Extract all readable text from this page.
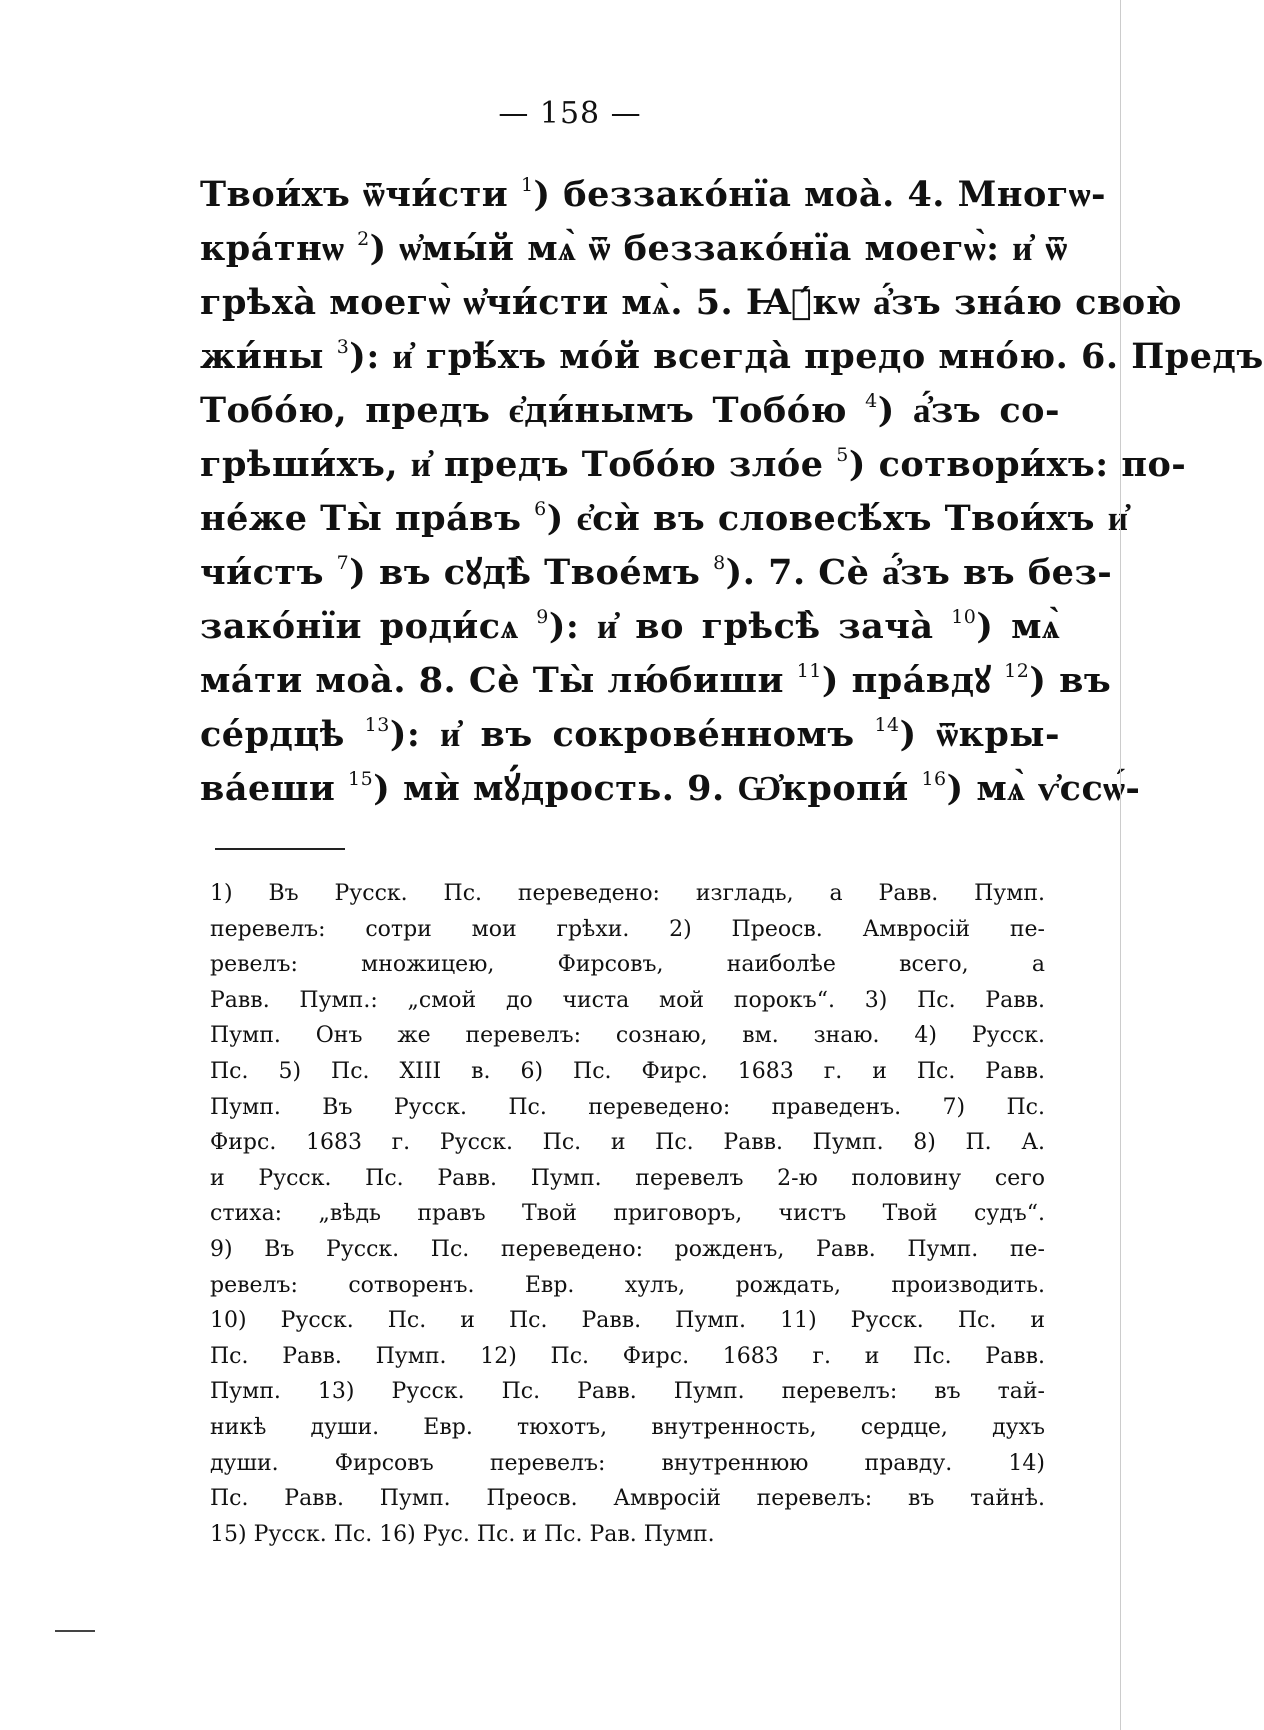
— 158 —
Твои́хъ ѿчи́сти $^1$) беззако́нїа моа̀. 4. Многѡ-
кра́тнѡ $^2$) ѡ҆мы́й мѧ̀ ѿ беззако́нїа моегѡ̀: и҆ ѿ
грѣха̀ моегѡ̀ ѡ҆чи́сти мѧ̀. 5. Ꙗ҆́кѡ а҆́зъ зна́ю свою̀
жи́ны $^3$): и҆ грѣ́хъ мо́й всегда̀ предо мно́ю. 6. Предъ
Тобо́ю, предъ є҆ди́нымъ Тобо́ю $^4$) а҆́зъ со-
грѣши́хъ, и҆ предъ Тобо́ю зло́е $^5$) сотвори́хъ: по-
не́же Ты̀ пра́въ $^6$) є҆сѝ въ словесѣ́хъ Твои́хъ и҆
чи́стъ $^7$) въ сꙋдѣ̀ Твое́мъ $^8$). 7. Сѐ а҆́зъ въ без-
зако́нїи роди́сѧ $^9$): и҆ во грѣсѣ̀ зача̀ $^{10}$) мѧ̀
ма́ти моа̀. 8. Сѐ Ты̀ лю́биши $^{11}$) пра́вдꙋ $^{12}$) въ
се́рдцѣ $^{13}$): и҆ въ сокрове́нномъ $^{14}$) ѿкры-
ва́еши $^{15}$) мѝ мꙋ́дрость. 9. Ѡ҆кропи́ $^{16}$) мѧ̀ ѵ҆ссѡ́-
1) Въ Русск. Пс. переведено: изгладь, а Равв. Пумп.
перевелъ: сотри мои грѣхи. 2) Преосв. Амвросій пе-
ревелъ: множицею, Фирсовъ, наиболѣе всего, а
Равв. Пумп.: „смой до чиста мой порокъ“. 3) Пс. Равв.
Пумп. Онъ же перевелъ: сознаю, вм. знаю. 4) Русск.
Пс. 5) Пс. XIII в. 6) Пс. Фирс. 1683 г. и Пс. Равв.
Пумп. Въ Русск. Пс. переведено: праведенъ. 7) Пс.
Фирс. 1683 г. Русск. Пс. и Пс. Равв. Пумп. 8) П. А.
и Русск. Пс. Равв. Пумп. перевелъ 2-ю половину сего
стиха: „вѣдь правъ Твой приговоръ, чистъ Твой судъ“.
9) Въ Русск. Пс. переведено: рожденъ, Равв. Пумп. пе-
ревелъ: сотворенъ. Евр. хулъ, рождать, производить.
10) Русск. Пс. и Пс. Равв. Пумп. 11) Русск. Пс. и
Пс. Равв. Пумп. 12) Пс. Фирс. 1683 г. и Пс. Равв.
Пумп. 13) Русск. Пс. Равв. Пумп. перевелъ: въ тай-
никѣ души. Евр. тюхотъ, внутренность, сердце, духъ
души. Фирсовъ перевелъ: внутреннюю правду. 14)
Пс. Равв. Пумп. Преосв. Амвросій перевелъ: въ тайнѣ.
15) Русск. Пс. 16) Рус. Пс. и Пс. Рав. Пумп.
